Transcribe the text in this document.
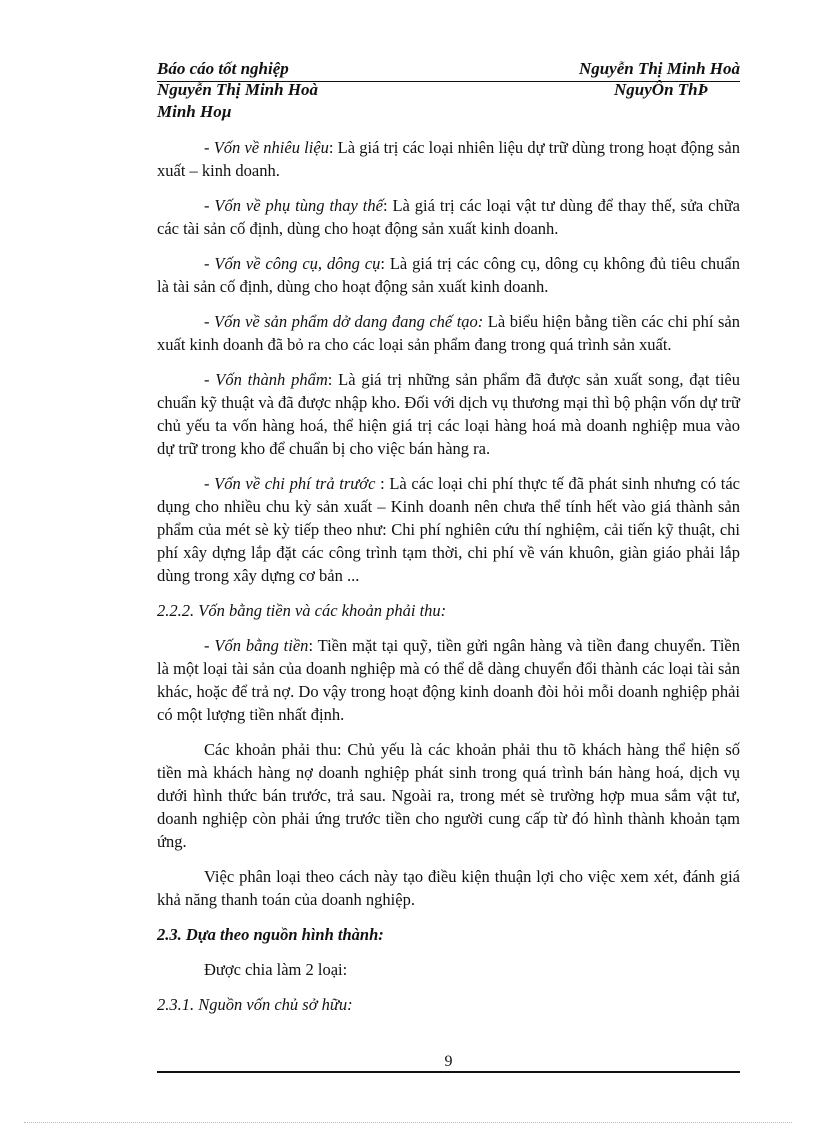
Báo cáo tốt nghiệp	Nguyễn Thị Minh Hoà
Nguyễn Thị Minh Hoà	NguyÔn ThÞ
Minh Hoµ

- Vốn về nhiêu liệu: Là giá trị các loại nhiên liệu dự trữ dùng trong hoạt động sản xuất – kinh doanh.

- Vốn về phụ tùng thay thế: Là giá trị các loại vật tư dùng để thay thế, sửa chữa các tài sản cố định, dùng cho hoạt động sản xuất kinh doanh.

- Vốn về công cụ, dông cụ: Là giá trị các công cụ, dông cụ không đủ tiêu chuẩn là tài sản cố định, dùng cho hoạt động sản xuất kinh doanh.

- Vốn về sản phẩm dở dang đang chế tạo: Là biểu hiện bằng tiền các chi phí sản xuất kinh doanh đã bỏ ra cho các loại sản phẩm đang trong quá trình sản xuất.

- Vốn thành phẩm: Là giá trị những sản phẩm đã được sản xuất song, đạt tiêu chuẩn kỹ thuật và đã được nhập kho. Đối với dịch vụ thương mại thì bộ phận vốn dự trữ chủ yếu ta vốn hàng hoá, thể hiện giá trị các loại hàng hoá mà doanh nghiệp mua vào dự trữ trong kho để chuẩn bị cho việc bán hàng ra.

- Vốn về chi phí trả trước : Là các loại chi phí thực tế đã phát sinh nhưng có tác dụng cho nhiều chu kỳ sản xuất – Kinh doanh nên chưa thể tính hết vào giá thành sản phẩm của mét sè kỳ tiếp theo như: Chi phí nghiên cứu thí nghiệm, cải tiến kỹ thuật, chi phí xây dựng lắp đặt các công trình tạm thời, chi phí về ván khuôn, giàn giáo phải lắp dùng trong xây dựng cơ bản ...

2.2.2. Vốn bằng tiền và các khoản phải thu:

- Vốn bằng tiền: Tiền mặt tại quỹ, tiền gửi ngân hàng và tiền đang chuyển. Tiền là một loại tài sản của doanh nghiệp mà có thể dễ dàng chuyển đổi thành các loại tài sản khác, hoặc để trả nợ. Do vậy trong hoạt động kinh doanh đòi hỏi mỗi doanh nghiệp phải có một lượng tiền nhất định.

Các khoản phải thu: Chủ yếu là các khoản phải thu tõ khách hàng thể hiện số tiền mà khách hàng nợ doanh nghiệp phát sinh trong quá trình bán hàng hoá, dịch vụ dưới hình thức bán trước, trả sau. Ngoài ra, trong mét sè trường hợp mua sắm vật tư, doanh nghiệp còn phải ứng trước tiền cho người cung cấp từ đó hình thành khoản tạm ứng.

Việc phân loại theo cách này tạo điều kiện thuận lợi cho việc xem xét, đánh giá khả năng thanh toán của doanh nghiệp.

2.3. Dựa theo nguồn hình thành:

Được chia làm 2 loại:

2.3.1. Nguồn vốn chủ sở hữu:

9
